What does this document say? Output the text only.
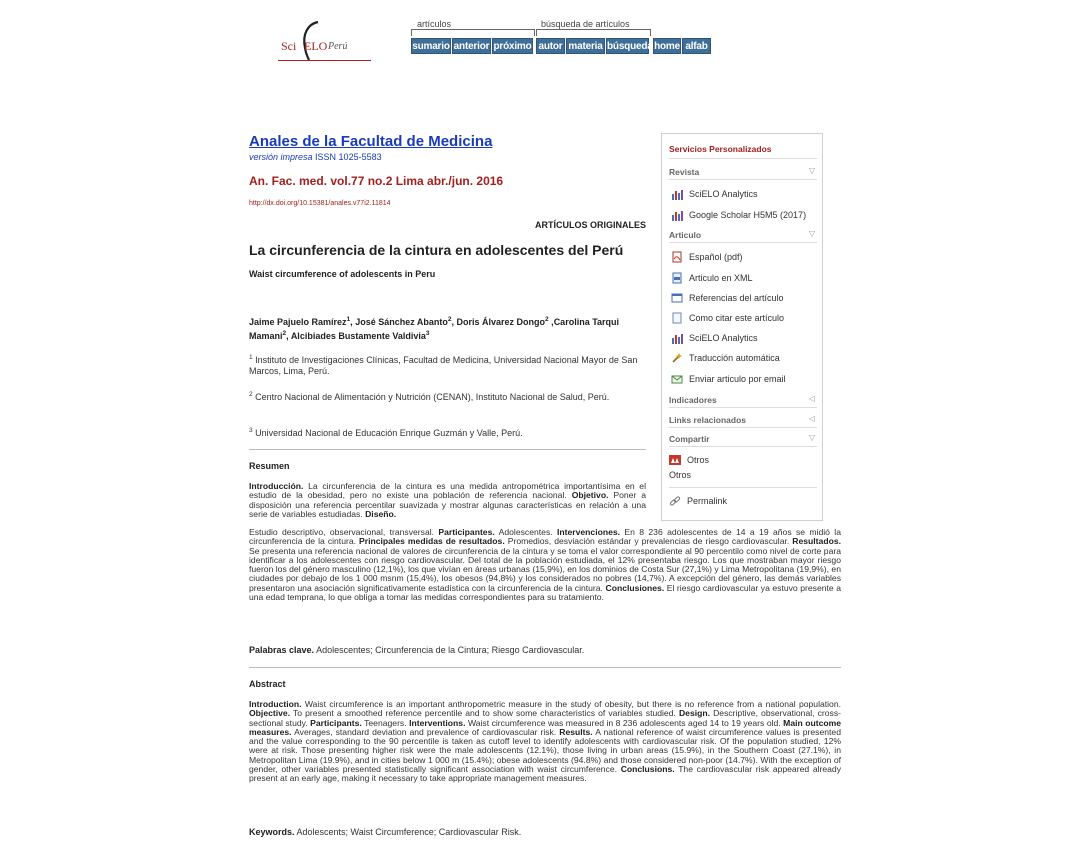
Sci ELO Perú
artículos	búsqueda de artículos
sumario anterior próximo autor materia búsqueda home alfab
Anales de la Facultad de Medicina
versión impresa ISSN 1025-5583
An. Fac. med. vol.77 no.2 Lima abr./jun. 2016
http://dx.doi.org/10.15381/anales.v77i2.11814
ARTÍCULOS ORIGINALES
La circunferencia de la cintura en adolescentes del Perú
Waist circumference of adolescents in Peru
Jaime Pajuelo Ramírez$^1$, José Sánchez Abanto$^2$, Doris Álvarez Dongo$^2$ ,Carolina Tarqui Mamani$^2$, Alcibiades Bustamente Valdivia$^3$
$^1$ Instituto de Investigaciones Clínicas, Facultad de Medicina, Universidad Nacional Mayor de San Marcos, Lima, Perú.
$^2$ Centro Nacional de Alimentación y Nutrición (CENAN), Instituto Nacional de Salud, Perú.
$^3$ Universidad Nacional de Educación Enrique Guzmán y Valle, Perú.
Resumen

Introducción. La circunferencia de la cintura es una medida antropométrica importantísima en el estudio de la obesidad, pero no existe una población de referencia nacional. Objetivo. Poner a disposición una referencia percentilar suavizada y mostrar algunas características en relación a una serie de variables estudiadas. Diseño.

Estudio descriptivo, observacional, transversal. Participantes. Adolescentes. Intervenciones. En 8 236 adolescentes de 14 a 19 años se midió la circunferencia de la cintura. Principales medidas de resultados. Promedios, desviación estándar y prevalencias de riesgo cardiovascular. Resultados. Se presenta una referencia nacional de valores de circunferencia de la cintura y se toma el valor correspondiente al 90 percentilo como nivel de corte para identificar a los adolescentes con riesgo cardiovascular. Del total de la población estudiada, el 12% presentaba riesgo. Los que mostraban mayor riesgo fueron los del género masculino (12,1%), los que vivían en áreas urbanas (15,9%), en los dominios de Costa Sur (27,1%) y Lima Metropolitana (19,9%), en ciudades por debajo de los 1 000 msnm (15,4%), los obesos (94,8%) y los considerados no pobres (14,7%). A excepción del género, las demás variables presentaron una asociación significativamente estadística con la circunferencia de la cintura. Conclusiones. El riesgo cardiovascular ya estuvo presente a una edad temprana, lo que obliga a tomar las medidas correspondientes para su tratamiento.

Palabras clave. Adolescentes; Circunferencia de la Cintura; Riesgo Cardiovascular.
Abstract

Introduction. Waist circumference is an important anthropometric measure in the study of obesity, but there is no reference from a national population. Objective. To present a smoothed reference percentile and to show some characteristics of variables studied. Design. Descriptive, observational, cross-sectional study. Participants. Teenagers. Interventions. Waist circumference was measured in 8 236 adolescents aged 14 to 19 years old. Main outcome measures. Averages, standard deviation and prevalence of cardiovascular risk. Results. A national reference of waist circumference values is presented and the value corresponding to the 90 percentile is taken as cutoff level to identify adolescents with cardiovascular risk. Of the population studied, 12% were at risk. Those presenting higher risk were the male adolescents (12.1%), those living in urban areas (15.9%), in the Southern Coast (27.1%), in Metropolitan Lima (19.9%), and in cities below 1 000 m (15.4%); obese adolescents (94.8%) and those considered non-poor (14.7%). With the exception of gender, other variables presented statistically significant association with waist circumference. Conclusions. The cardiovascular risk appeared already present at an early age, making it necessary to take appropriate management measures.

Keywords. Adolescents; Waist Circumference; Cardiovascular Risk.
Servicios Personalizados
Revista	▽
SciELO Analytics
Google Scholar H5M5 (2017)
Articulo	▽
Español (pdf)
Articulo en XML
Referencias del artículo
Como citar este artículo
SciELO Analytics
Traducción automática
Enviar articulo por email
Indicadores	◁
Links relacionados	◁
Compartir	▽
Otros
Otros
Permalink
